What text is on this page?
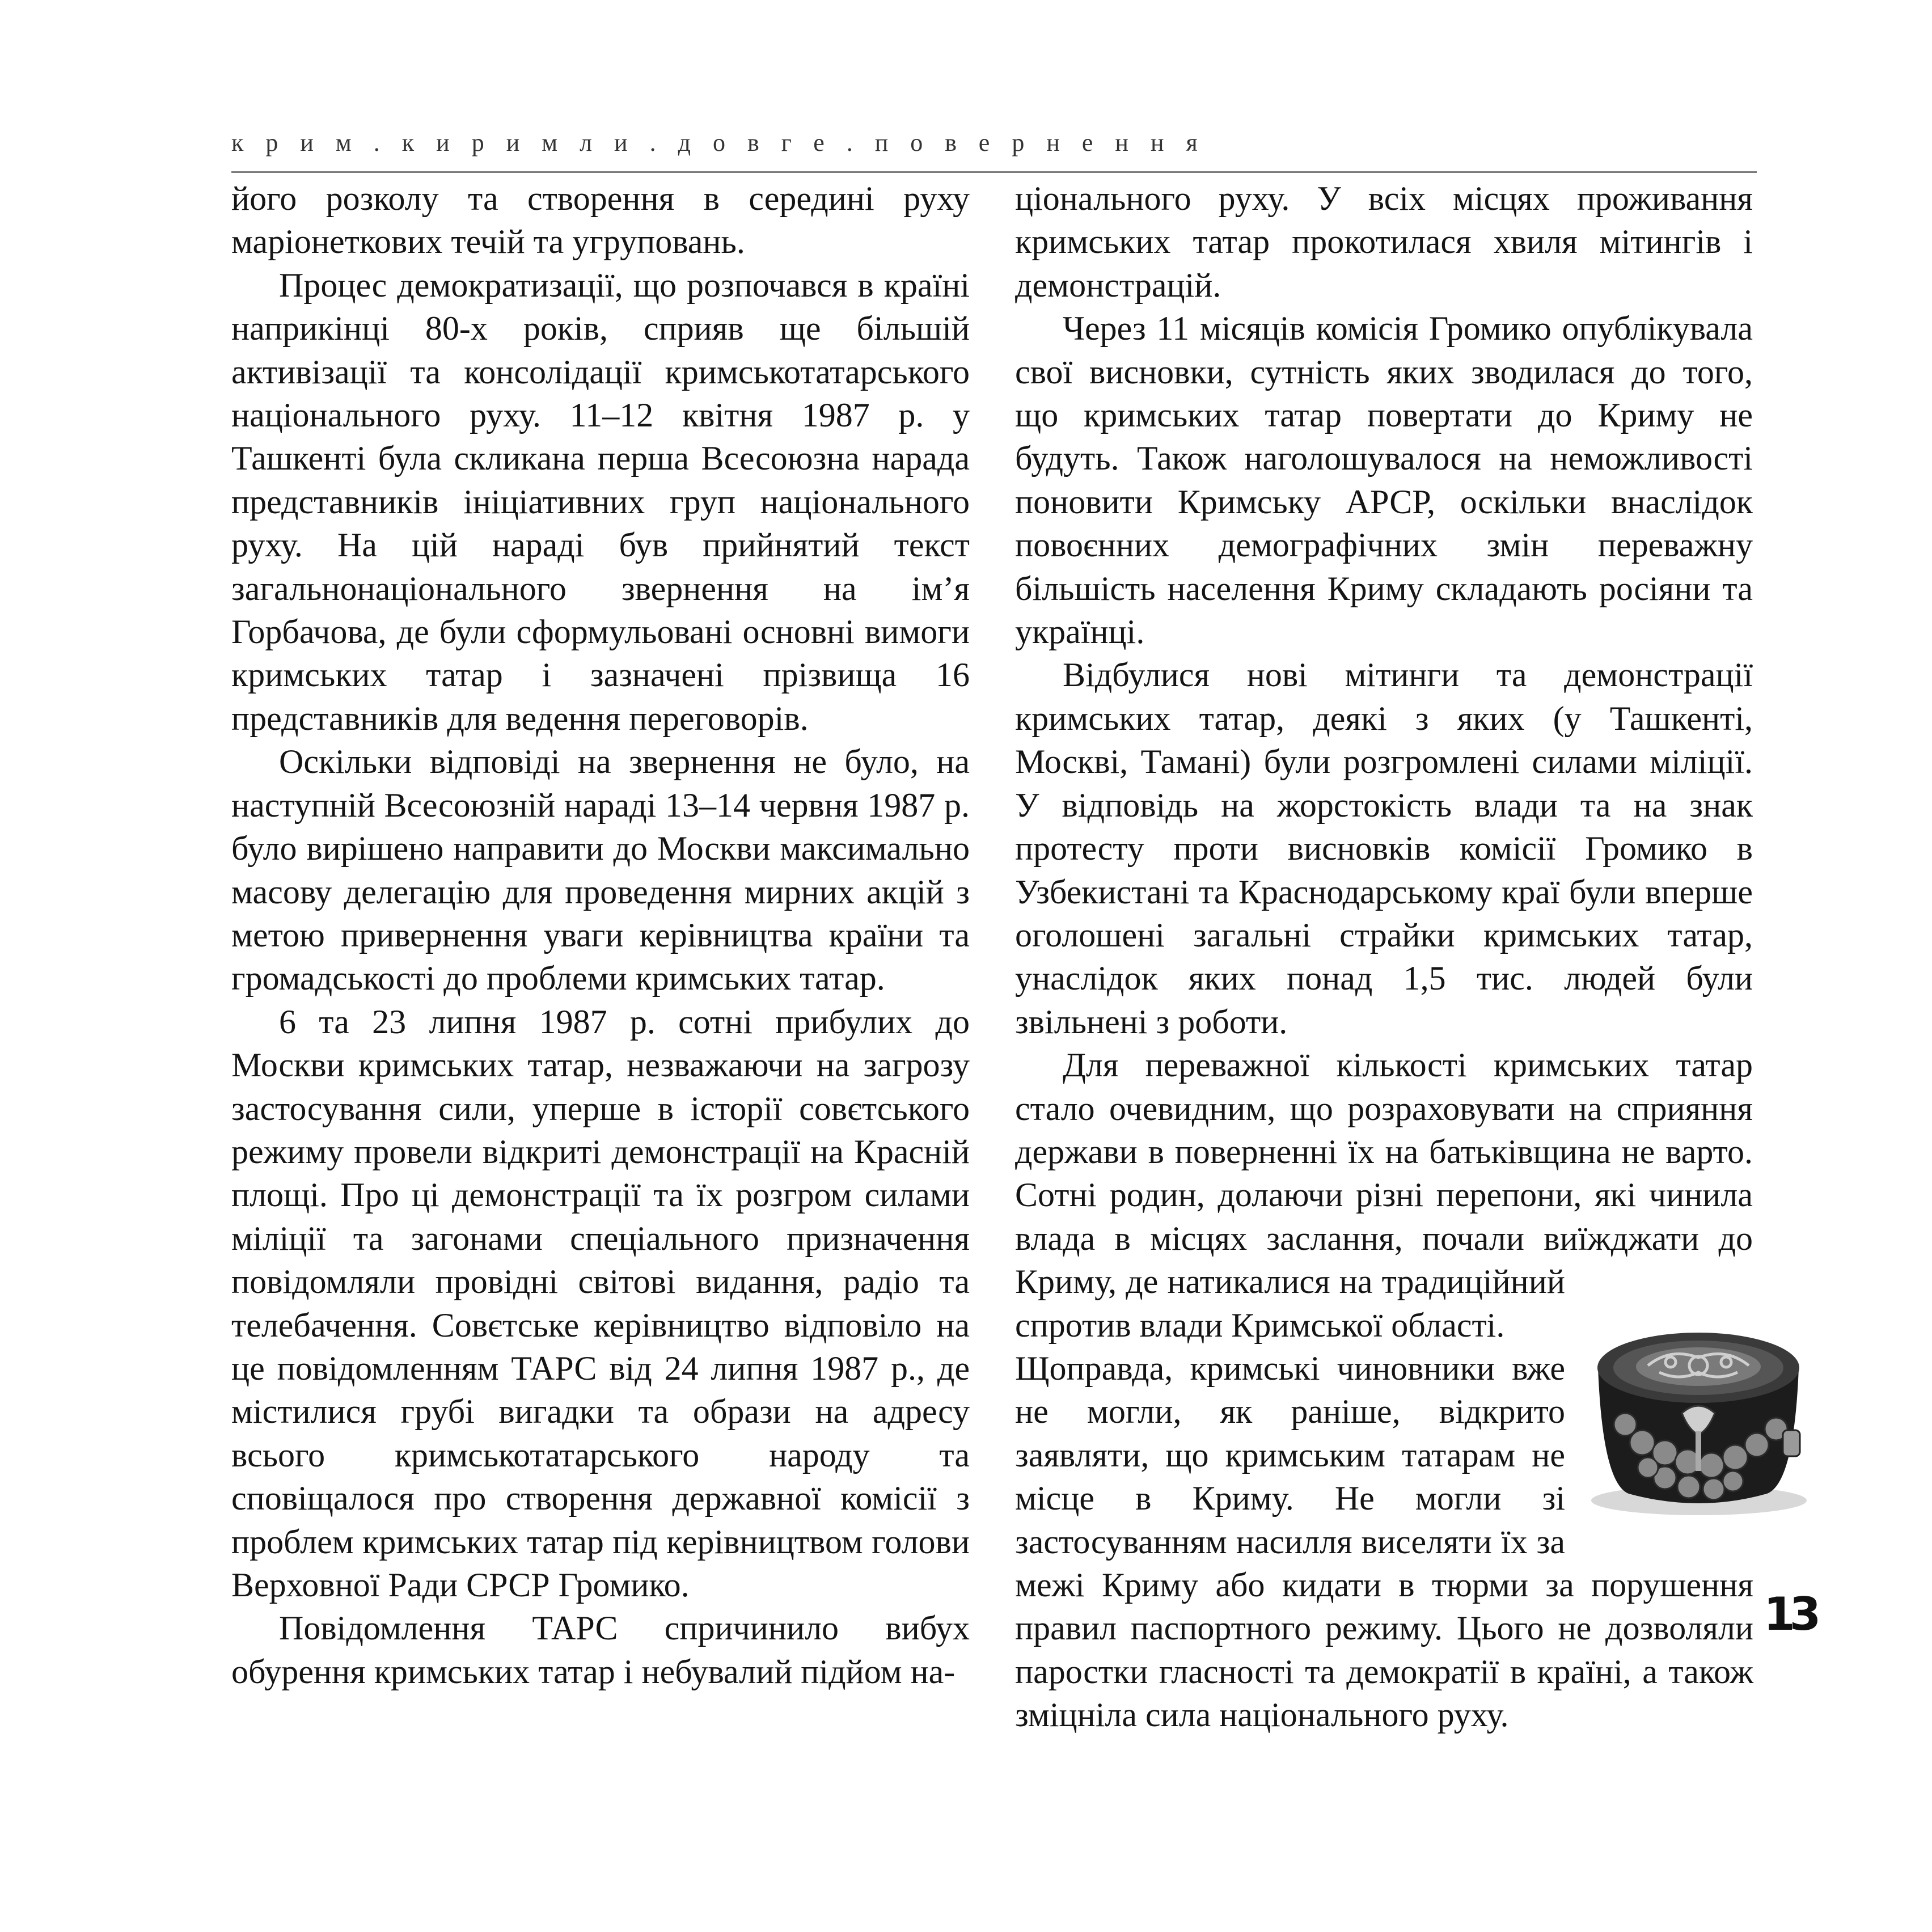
крим.киримли.довге.повернення

його розколу та створення в середині руху маріонеткових течій та угруповань.

Процес демократизації, що розпочався в країні наприкінці 80-х років, сприяв ще більшій активізації та консолідації кримськотатарського національного руху. 11–12 квітня 1987 р. у Ташкенті була скликана перша Всесоюзна нарада представників ініціативних груп національного руху. На цій нараді був прийнятий текст загальнонаціонального звернення на ім’я Горбачова, де були сформульовані основні вимоги кримських татар і зазначені прізвища 16 представників для ведення переговорів.

Оскільки відповіді на звернення не було, на наступній Всесоюзній нараді 13–14 червня 1987 р. було вирішено направити до Москви максимально масову делегацію для проведення мирних акцій з метою привернення уваги керівництва країни та громадськості до проблеми кримських татар.

6 та 23 липня 1987 р. сотні прибулих до Москви кримських татар, незважаючи на загрозу застосування сили, уперше в історії совєтського режиму провели відкриті демонстрації на Красній площі. Про ці демонстрації та їх розгром силами міліції та загонами спеціального призначення повідомляли провідні світові видання, радіо та телебачення. Совєтське керівництво відповіло на це повідомленням ТАРС від 24 липня 1987 р., де містилися грубі вигадки та образи на адресу всього кримськотатарського народу та сповіщалося про створення державної комісії з проблем кримських татар під керівництвом голови Верховної Ради СРСР Громико.

Повідомлення ТАРС спричинило вибух обурення кримських татар і небувалий підйом на-

ціонального руху. У всіх місцях проживання кримських татар прокотилася хвиля мітингів і демонстрацій.

Через 11 місяців комісія Громико опублікувала свої висновки, сутність яких зводилася до того, що кримських татар повертати до Криму не будуть. Також наголошувалося на неможливості поновити Кримську АРСР, оскільки внаслідок повоєнних демографічних змін переважну більшість населення Криму складають росіяни та українці.

Відбулися нові мітинги та демонстрації кримських татар, деякі з яких (у Ташкенті, Москві, Тамані) були розгромлені силами міліції. У відповідь на жорстокість влади та на знак протесту проти висновків комісії Громико в Узбекистані та Краснодарському краї були вперше оголошені загальні страйки кримських татар, унаслідок яких понад 1,5 тис. людей були звільнені з роботи.

Для переважної кількості кримських татар стало очевидним, що розраховувати на сприяння держави в поверненні їх на батьківщина не варто. Сотні родин, долаючи різні перепони, які чинила влада в місцях заслання, почали виїжджати до Криму, де натикалися на традиційний спротив влади Кримської області.

Щоправда, кримські чиновники вже не могли, як раніше, відкрито заявляти, що кримським татарам не місце в Криму. Не могли зі застосуванням насилля виселяти їх за межі Криму або кидати в тюрми за порушення правил паспортного режиму. Цього не дозволяли паростки гласності та демократії в країні, а також зміцніла сила національного руху.

13
